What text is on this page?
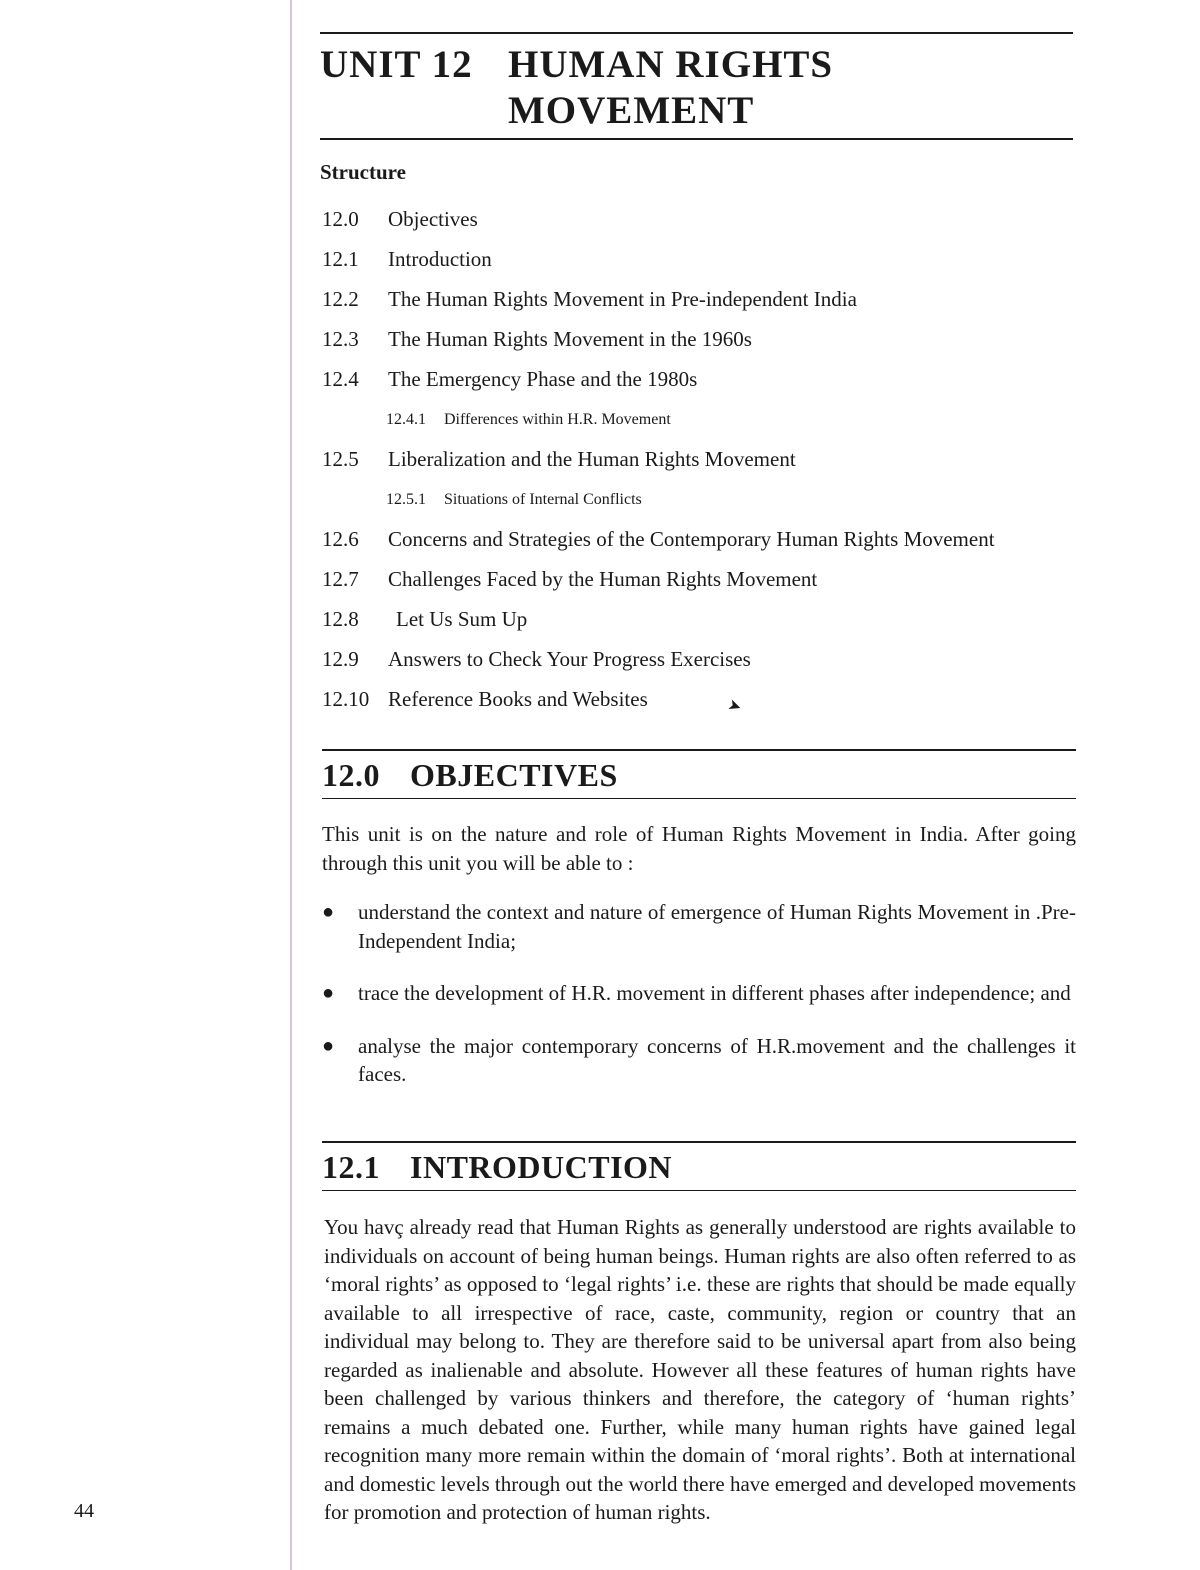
44
UNIT 12 HUMAN RIGHTS MOVEMENT
Structure
12.0	Objectives
12.1	Introduction
12.2	The Human Rights Movement in Pre-independent India
12.3	The Human Rights Movement in the 1960s
12.4	The Emergency Phase and the 1980s
12.4.1	Differences within H.R. Movement
12.5	Liberalization and the Human Rights Movement
12.5.1	Situations of Internal Conflicts
12.6	Concerns and Strategies of the Contemporary Human Rights Movement
12.7	Challenges Faced by the Human Rights Movement
12.8	Let Us Sum Up
12.9	Answers to Check Your Progress Exercises
12.10 Reference Books and Websites	➤
12.0 OBJECTIVES

This unit is on the nature and role of Human Rights Movement in India. After going through this unit you will be able to :

●	understand the context and nature of emergence of Human Rights Movement in .Pre-Independent India;
●	trace the development of H.R. movement in different phases after independence; and
●	analyse the major contemporary concerns of H.R.movement and the challenges it faces.
12.1 INTRODUCTION

You havç already read that Human Rights as generally understood are rights available to individuals on account of being human beings. Human rights are also often referred to as ‘moral rights’ as opposed to ‘legal rights’ i.e. these are rights that should be made equally available to all irrespective of race, caste, community, region or country that an individual may belong to. They are therefore said to be universal apart from also being regarded as inalienable and absolute. However all these features of human rights have been challenged by various thinkers and therefore, the category of ‘human rights’ remains a much debated one. Further, while many human rights have gained legal recognition many more remain within the domain of ‘moral rights’. Both at international and domestic levels through out the world there have emerged and developed movements for promotion and protection of human rights.
